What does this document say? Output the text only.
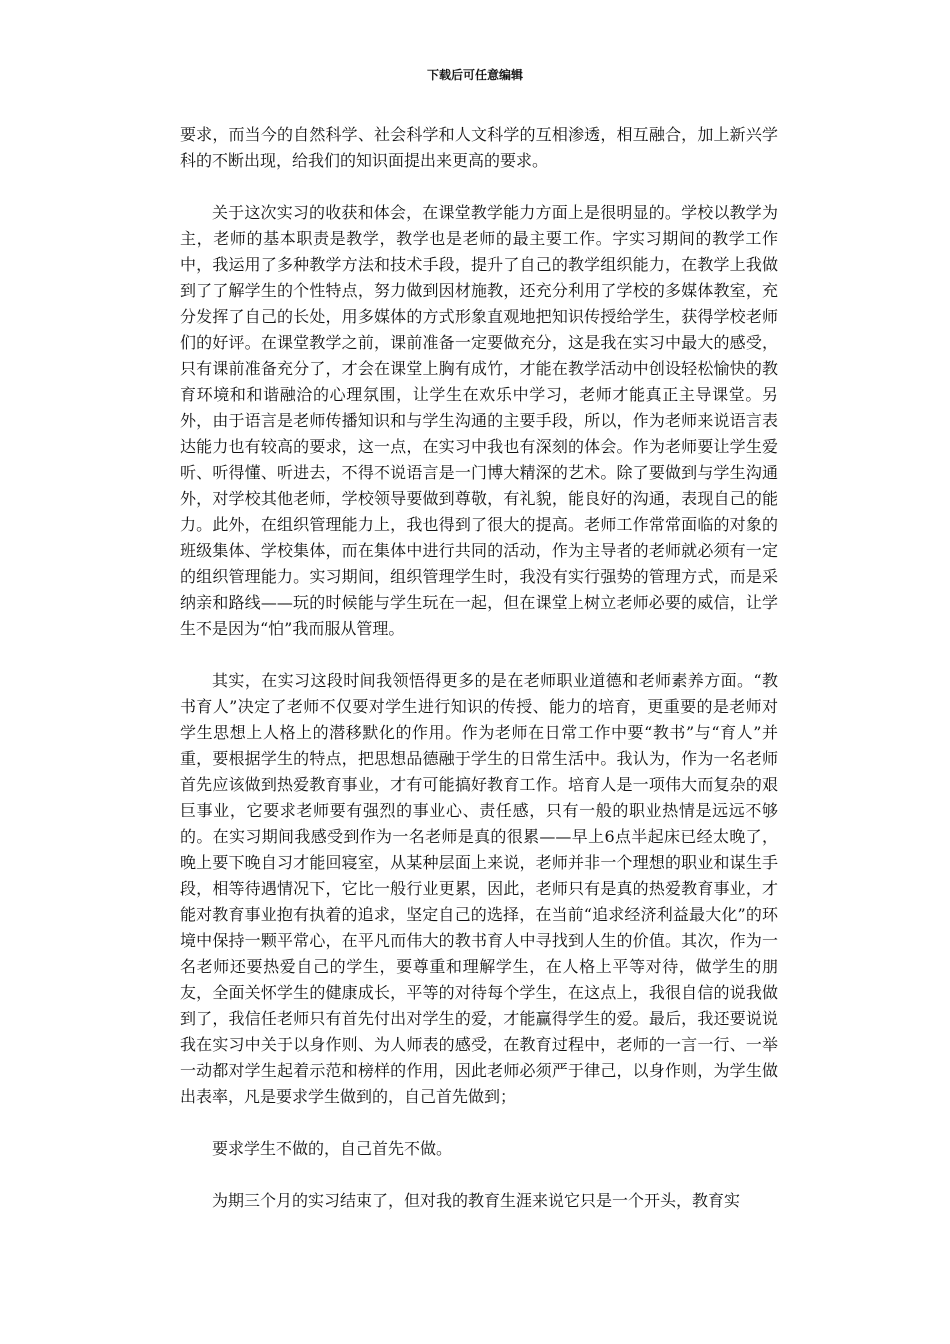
下载后可任意编辑

要求，而当今的自然科学、社会科学和人文科学的互相渗透，相互融合，加上新兴学科的不断出现，给我们的知识面提出来更高的要求。

关于这次实习的收获和体会，在课堂教学能力方面上是很明显的。学校以教学为主，老师的基本职责是教学，教学也是老师的最主要工作。字实习期间的教学工作中，我运用了多种教学方法和技术手段，提升了自己的教学组织能力，在教学上我做到了了解学生的个性特点，努力做到因材施教，还充分利用了学校的多媒体教室，充分发挥了自己的长处，用多媒体的方式形象直观地把知识传授给学生，获得学校老师们的好评。在课堂教学之前，课前准备一定要做充分，这是我在实习中最大的感受，只有课前准备充分了，才会在课堂上胸有成竹，才能在教学活动中创设轻松愉快的教育环境和和谐融洽的心理氛围，让学生在欢乐中学习，老师才能真正主导课堂。另外，由于语言是老师传播知识和与学生沟通的主要手段，所以，作为老师来说语言表达能力也有较高的要求，这一点，在实习中我也有深刻的体会。作为老师要让学生爱听、听得懂、听进去，不得不说语言是一门博大精深的艺术。除了要做到与学生沟通外，对学校其他老师，学校领导要做到尊敬，有礼貌，能良好的沟通，表现自己的能力。此外，在组织管理能力上，我也得到了很大的提高。老师工作常常面临的对象的班级集体、学校集体，而在集体中进行共同的活动，作为主导者的老师就必须有一定的组织管理能力。实习期间，组织管理学生时，我没有实行强势的管理方式，而是采纳亲和路线——玩的时候能与学生玩在一起，但在课堂上树立老师必要的威信，让学生不是因为“怕”我而服从管理。

其实，在实习这段时间我领悟得更多的是在老师职业道德和老师素养方面。“教书育人”决定了老师不仅要对学生进行知识的传授、能力的培育，更重要的是老师对学生思想上人格上的潜移默化的作用。作为老师在日常工作中要“教书”与“育人”并重，要根据学生的特点，把思想品德融于学生的日常生活中。我认为，作为一名老师首先应该做到热爱教育事业，才有可能搞好教育工作。培育人是一项伟大而复杂的艰巨事业，它要求老师要有强烈的事业心、责任感，只有一般的职业热情是远远不够的。在实习期间我感受到作为一名老师是真的很累——早上6点半起床已经太晚了，晚上要下晚自习才能回寝室，从某种层面上来说，老师并非一个理想的职业和谋生手段，相等待遇情况下，它比一般行业更累，因此，老师只有是真的热爱教育事业，才能对教育事业抱有执着的追求，坚定自己的选择，在当前“追求经济利益最大化”的环境中保持一颗平常心，在平凡而伟大的教书育人中寻找到人生的价值。其次，作为一名老师还要热爱自己的学生，要尊重和理解学生，在人格上平等对待，做学生的朋友，全面关怀学生的健康成长，平等的对待每个学生，在这点上，我很自信的说我做到了，我信任老师只有首先付出对学生的爱，才能赢得学生的爱。最后，我还要说说我在实习中关于以身作则、为人师表的感受，在教育过程中，老师的一言一行、一举一动都对学生起着示范和榜样的作用，因此老师必须严于律己，以身作则，为学生做出表率，凡是要求学生做到的，自己首先做到；

要求学生不做的，自己首先不做。

为期三个月的实习结束了，但对我的教育生涯来说它只是一个开头，教育实
